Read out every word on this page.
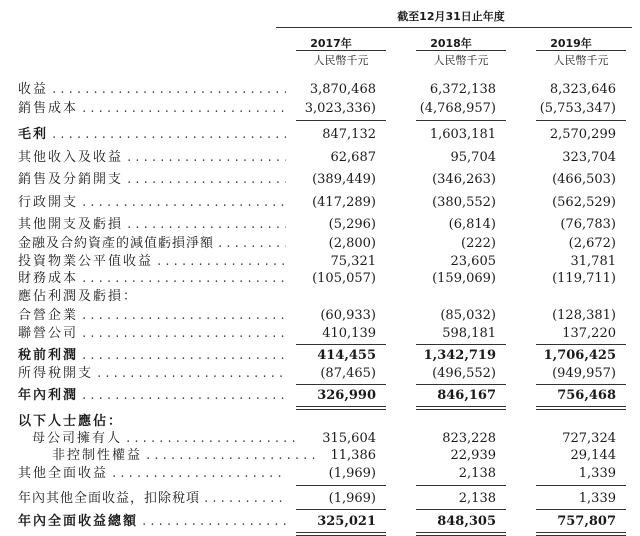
截至12月31日止年度
2017年	2018年	2019年
人民幣千元	人民幣千元	人民幣千元
收益 . . .	3,870,468	6,372,138	8,323,646
銷售成本 . . .	3,023,336)	(4,768,957)	(5,753,347)
毛利 . . .	847,132	1,603,181	2,570,299
其他收入及收益 . . .	62,687	95,704	323,704
銷售及分銷開支 . . .	(389,449)	(346,263)	(466,503)
行政開支 . . .	(417,289)	(380,552)	(562,529)
其他開支及虧損 . . .	(5,296)	(6,814)	(76,783)
金融及合約資產的減值虧損淨額 . . .	(2,800)	(222)	(2,672)
投資物業公平值收益 . . .	75,321	23,605	31,781
財務成本 . . .	(105,057)	(159,069)	(119,711)
應佔利潤及虧損：
合營企業 . . .	(60,933)	(85,032)	(128,381)
聯營公司 . . .	410,139	598,181	137,220
稅前利潤 . . .	414,455	1,342,719	1,706,425
所得稅開支 . . .	(87,465)	(496,552)	(949,957)
年內利潤 . . .	326,990	846,167	756,468
以下人士應佔：
母公司擁有人 . . .	315,604	823,228	727,324
非控制性權益 . . .	11,386	22,939	29,144
其他全面收益 . . .	(1,969)	2,138	1,339
年內其他全面收益，扣除稅項 . . .	(1,969)	2,138	1,339
年內全面收益總額 . . .	325,021	848,305	757,807
